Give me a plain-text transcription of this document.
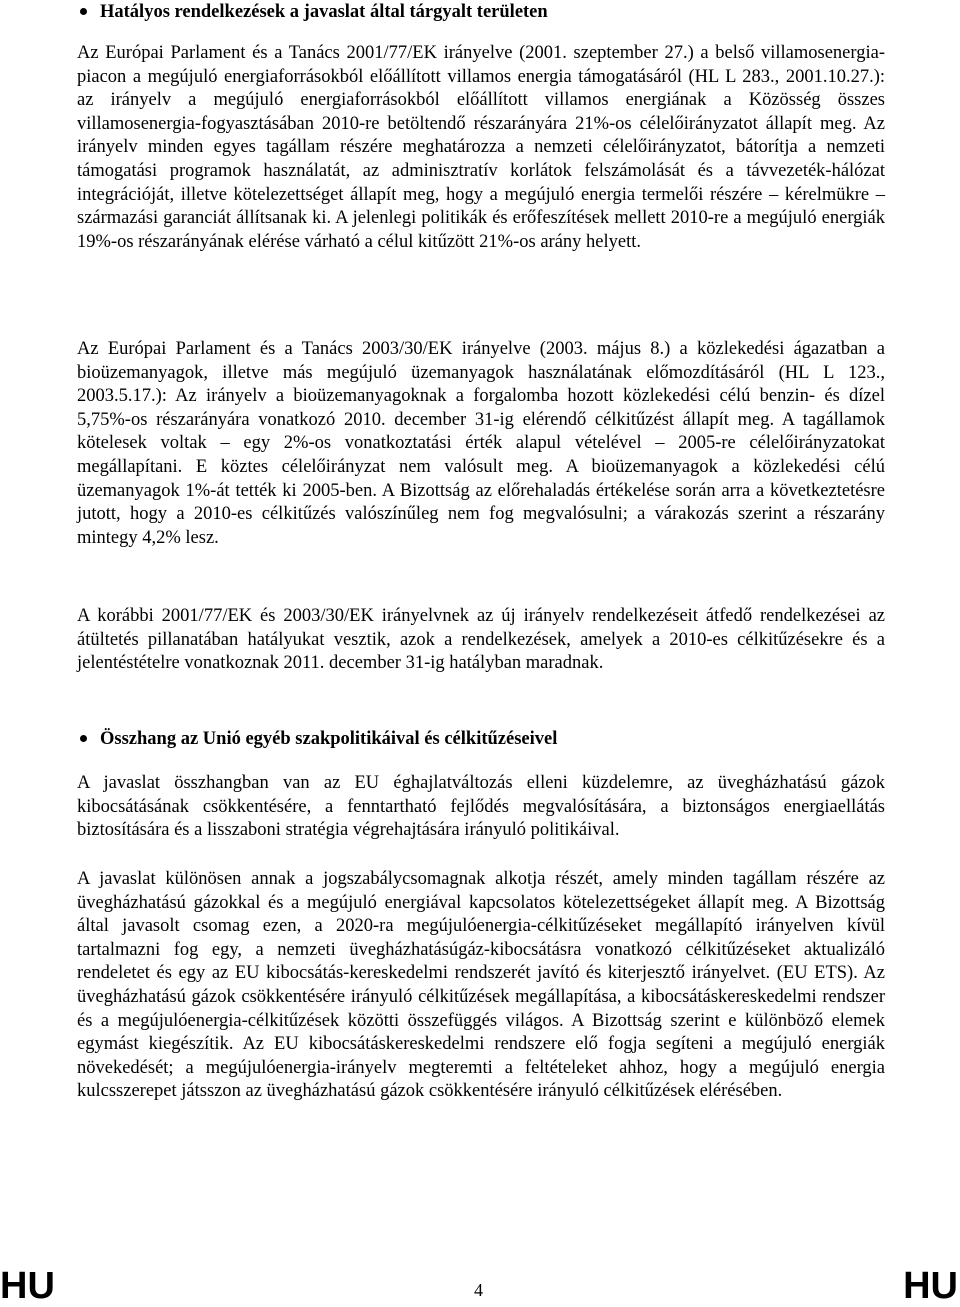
Hatályos rendelkezések a javaslat által tárgyalt területen

Az Európai Parlament és a Tanács 2001/77/EK irányelve (2001. szeptember 27.) a belső villamosenergia-piacon a megújuló energiaforrásokból előállított villamos energia támogatásáról (HL L 283., 2001.10.27.): az irányelv a megújuló energiaforrásokból előállított villamos energiának a Közösség összes villamosenergia-fogyasztásában 2010-re betöltendő részarányára 21%-os célelőirányzatot állapít meg. Az irányelv minden egyes tagállam részére meghatározza a nemzeti célelőirányzatot, bátorítja a nemzeti támogatási programok használatát, az adminisztratív korlátok felszámolását és a távvezeték-hálózat integrációját, illetve kötelezettséget állapít meg, hogy a megújuló energia termelői részére – kérelmükre – származási garanciát állítsanak ki. A jelenlegi politikák és erőfeszítések mellett 2010-re a megújuló energiák 19%-os részarányának elérése várható a célul kitűzött 21%-os arány helyett.

Az Európai Parlament és a Tanács 2003/30/EK irányelve (2003. május 8.) a közlekedési ágazatban a bioüzemanyagok, illetve más megújuló üzemanyagok használatának előmozdításáról (HL L 123., 2003.5.17.): Az irányelv a bioüzemanyagoknak a forgalomba hozott közlekedési célú benzin- és dízel 5,75%-os részarányára vonatkozó 2010. december 31-ig elérendő célkitűzést állapít meg. A tagállamok kötelesek voltak – egy 2%-os vonatkoztatási érték alapul vételével – 2005-re célelőirányzatokat megállapítani. E köztes célelőirányzat nem valósult meg. A bioüzemanyagok a közlekedési célú üzemanyagok 1%-át tették ki 2005-ben. A Bizottság az előrehaladás értékelése során arra a következtetésre jutott, hogy a 2010-es célkitűzés valószínűleg nem fog megvalósulni; a várakozás szerint a részarány mintegy 4,2% lesz.

A korábbi 2001/77/EK és 2003/30/EK irányelvnek az új irányelv rendelkezéseit átfedő rendelkezései az átültetés pillanatában hatályukat vesztik, azok a rendelkezések, amelyek a 2010-es célkitűzésekre és a jelentéstételre vonatkoznak 2011. december 31-ig hatályban maradnak.

Összhang az Unió egyéb szakpolitikáival és célkitűzéseivel

A javaslat összhangban van az EU éghajlatváltozás elleni küzdelemre, az üvegházhatású gázok kibocsátásának csökkentésére, a fenntartható fejlődés megvalósítására, a biztonságos energiaellátás biztosítására és a lisszaboni stratégia végrehajtására irányuló politikáival.

A javaslat különösen annak a jogszabálycsomagnak alkotja részét, amely minden tagállam részére az üvegházhatású gázokkal és a megújuló energiával kapcsolatos kötelezettségeket állapít meg. A Bizottság által javasolt csomag ezen, a 2020-ra megújulóenergia-célkitűzéseket megállapító irányelven kívül tartalmazni fog egy, a nemzeti üvegházhatásúgáz-kibocsátásra vonatkozó célkitűzéseket aktualizáló rendeletet és egy az EU kibocsátás-kereskedelmi rendszerét javító és kiterjesztő irányelvet. (EU ETS). Az üvegházhatású gázok csökkentésére irányuló célkitűzések megállapítása, a kibocsátáskereskedelmi rendszer és a megújulóenergia-célkitűzések közötti összefüggés világos. A Bizottság szerint e különböző elemek egymást kiegészítik. Az EU kibocsátáskereskedelmi rendszere elő fogja segíteni a megújuló energiák növekedését; a megújulóenergia-irányelv megteremti a feltételeket ahhoz, hogy a megújuló energia kulcsszerepet játsszon az üvegházhatású gázok csökkentésére irányuló célkitűzések elérésében.

HU	4	HU
